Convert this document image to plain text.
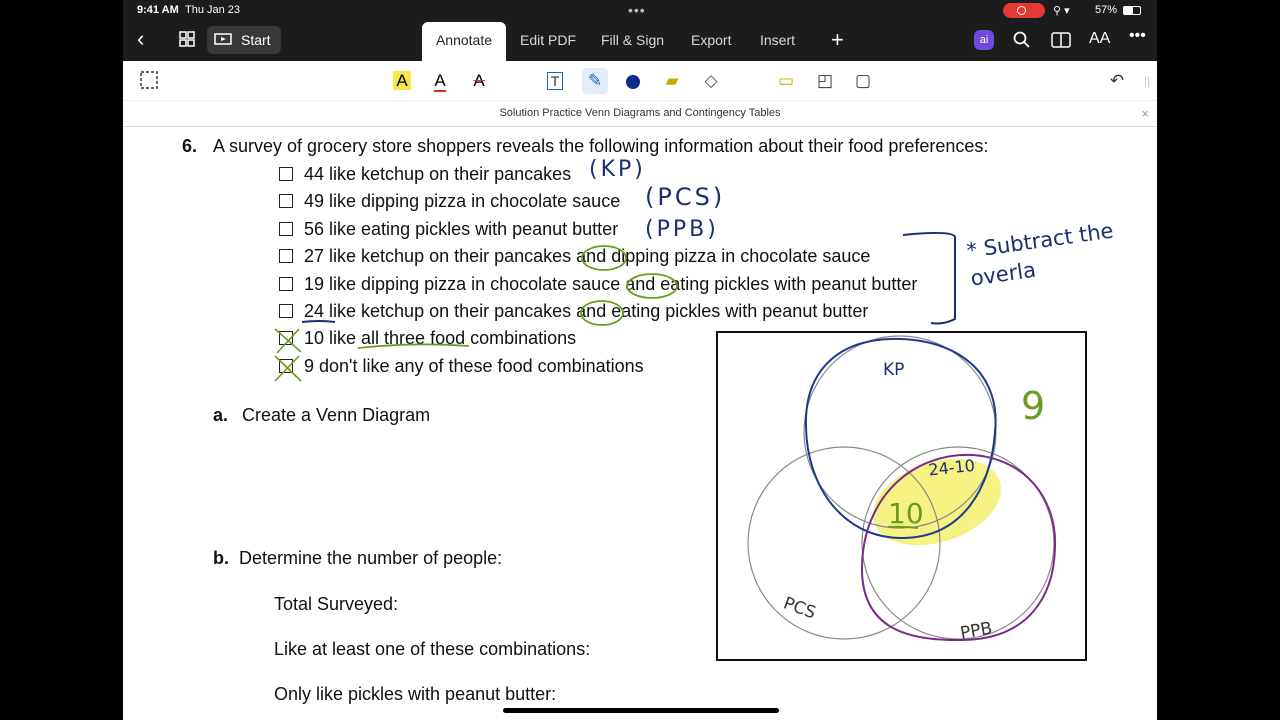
9:41 AM Thu Jan 23	•••	⚲ ▾ 57%
‹	Start	Annotate	Edit PDF Fill & Sign Export Insert +	ai	AA •••
A	A	A	T	✎	▰	◇	▭ ◰ ▢	↶	||
Solution Practice Venn Diagrams and Contingency Tables	×
6. A survey of grocery store shoppers reveals the following information about their food preferences:
44 like ketchup on their pancakes
49 like dipping pizza in chocolate sauce
56 like eating pickles with peanut butter
27 like ketchup on their pancakes and dipping pizza in chocolate sauce
19 like dipping pizza in chocolate sauce and eating pickles with peanut butter
24 like ketchup on their pancakes and eating pickles with peanut butter
10 like all three food combinations
9 don't like any of these food combinations
a. Create a Venn Diagram
b. Determine the number of people:
Total Surveyed:
Like at least one of these combinations:
Only like pickles with peanut butter:
KP
PCS
PPB
9
10
24-10
(KP)
(PCS)
(PPB)	* Subtract the overla
